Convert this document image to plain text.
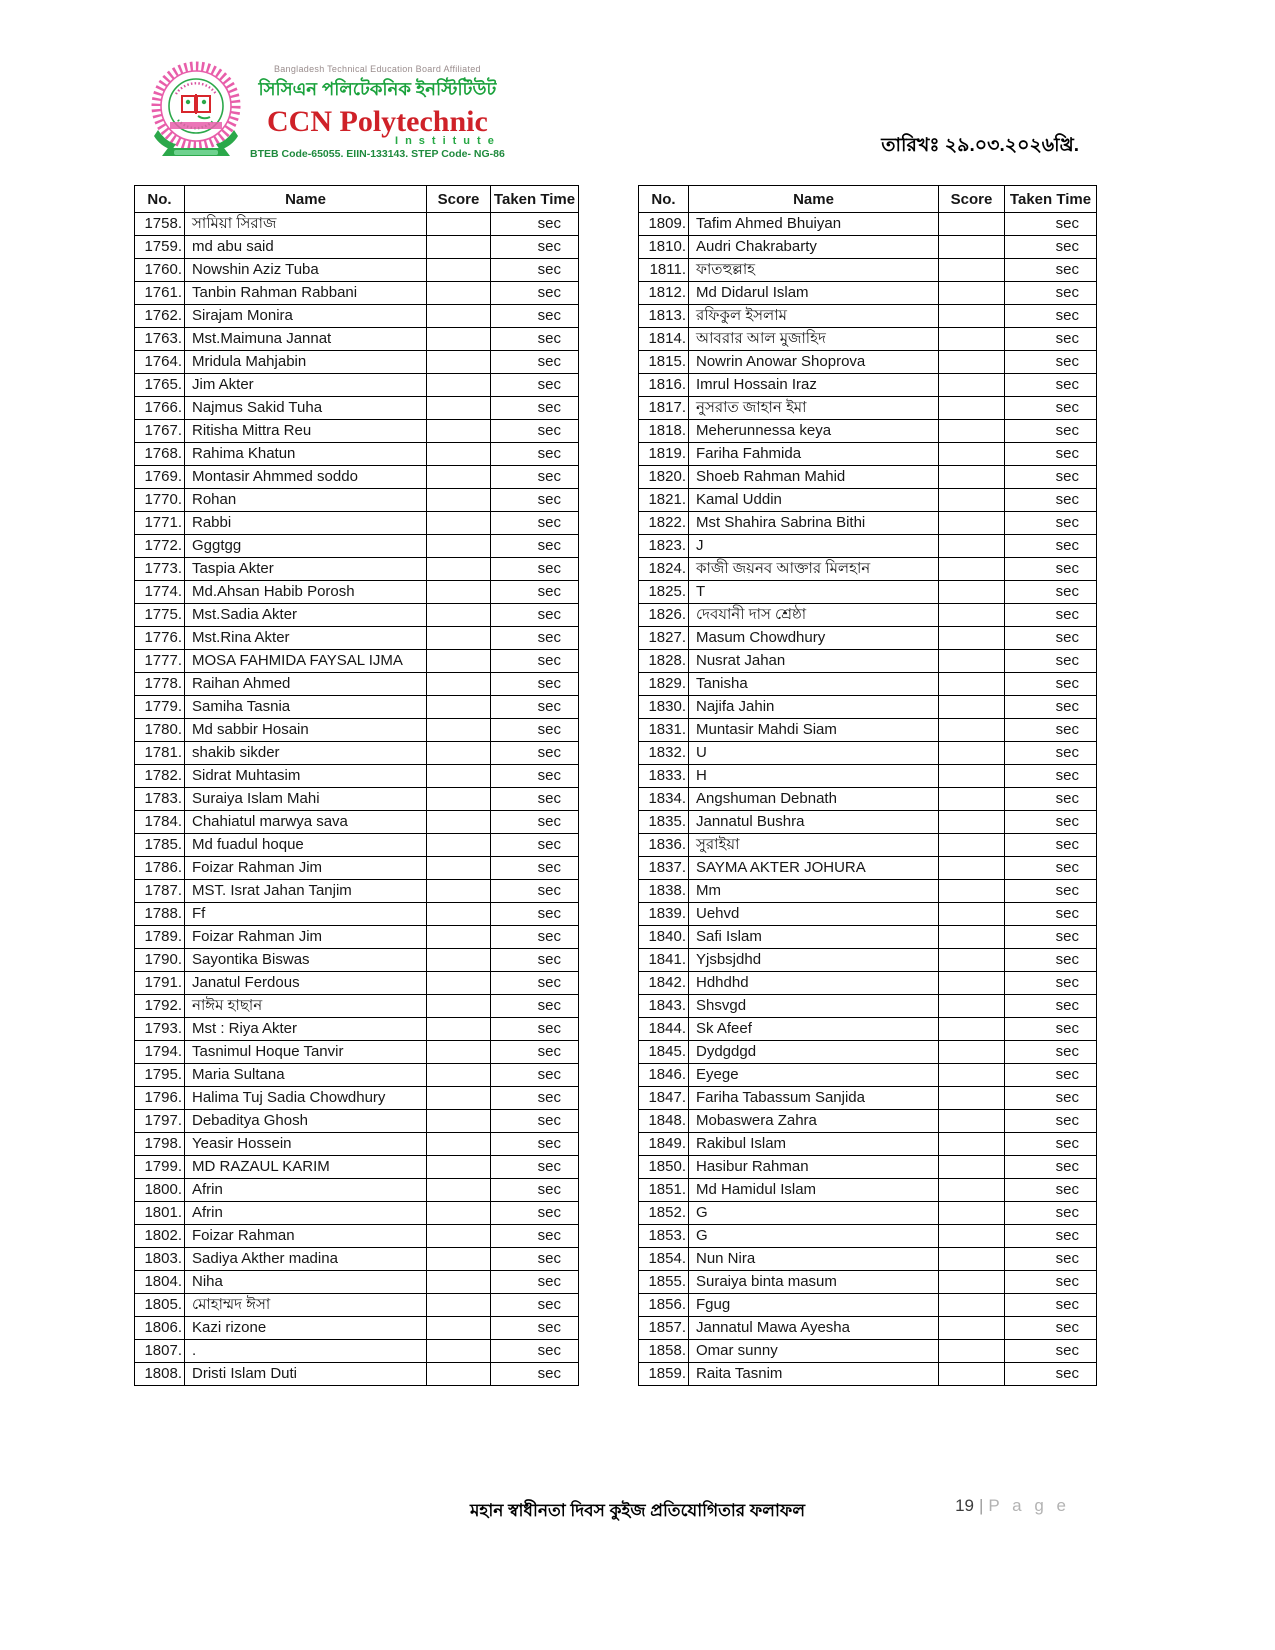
Bangladesh Technical Education Board Affiliated
সিসিএন পলিটেকনিক ইনস্টিটিউট
CCN Polytechnic
Institute
BTEB Code-65055. EIIN-133143. STEP Code- NG-86	তারিখঃ ২৯.০৩.২০২৬খ্রি.
No.	Name	Score	Taken Time
1758.	সামিয়া সিরাজ		sec
1759.	md abu said		sec
1760.	Nowshin Aziz Tuba		sec
1761.	Tanbin Rahman Rabbani		sec
1762.	Sirajam Monira		sec
1763.	Mst.Maimuna Jannat		sec
1764.	Mridula Mahjabin		sec
1765.	Jim Akter		sec
1766.	Najmus Sakid Tuha		sec
1767.	Ritisha Mittra Reu		sec
1768.	Rahima Khatun		sec
1769.	Montasir Ahmmed soddo		sec
1770.	Rohan		sec
1771.	Rabbi		sec
1772.	Gggtgg		sec
1773.	Taspia Akter		sec
1774.	Md.Ahsan Habib Porosh		sec
1775.	Mst.Sadia Akter		sec
1776.	Mst.Rina Akter		sec
1777.	MOSA FAHMIDA FAYSAL IJMA		sec
1778.	Raihan Ahmed		sec
1779.	Samiha Tasnia		sec
1780.	Md sabbir Hosain		sec
1781.	shakib sikder		sec
1782.	Sidrat Muhtasim		sec
1783.	Suraiya Islam Mahi		sec
1784.	Chahiatul marwya sava		sec
1785.	Md fuadul hoque		sec
1786.	Foizar Rahman Jim		sec
1787.	MST. Israt Jahan Tanjim		sec
1788.	Ff		sec
1789.	Foizar Rahman Jim		sec
1790.	Sayontika Biswas		sec
1791.	Janatul Ferdous		sec
1792.	নাঈম হাছান		sec
1793.	Mst : Riya Akter		sec
1794.	Tasnimul Hoque Tanvir		sec
1795.	Maria Sultana		sec
1796.	Halima Tuj Sadia Chowdhury		sec
1797.	Debaditya Ghosh		sec
1798.	Yeasir Hossein		sec
1799.	MD RAZAUL KARIM		sec
1800.	Afrin		sec
1801.	Afrin		sec
1802.	Foizar Rahman		sec
1803.	Sadiya Akther madina		sec
1804.	Niha		sec
1805.	মোহাম্মদ ঈসা		sec
1806.	Kazi rizone		sec
1807.	.		sec
1808.	Dristi Islam Duti		sec
No.	Name	Score	Taken Time
1809.	Tafim Ahmed Bhuiyan		sec
1810.	Audri Chakrabarty		sec
1811.	ফাতহুল্লাহ		sec
1812.	Md Didarul Islam		sec
1813.	রফিকুল ইসলাম		sec
1814.	আবরার আল মুজাহিদ		sec
1815.	Nowrin Anowar Shoprova		sec
1816.	Imrul Hossain Iraz		sec
1817.	নুসরাত জাহান ইমা		sec
1818.	Meherunnessa keya		sec
1819.	Fariha Fahmida		sec
1820.	Shoeb Rahman Mahid		sec
1821.	Kamal Uddin		sec
1822.	Mst Shahira Sabrina Bithi		sec
1823.	J		sec
1824.	কাজী জয়নব আক্তার মিলহান		sec
1825.	T		sec
1826.	দেবযানী দাস শ্রেষ্ঠা		sec
1827.	Masum Chowdhury		sec
1828.	Nusrat Jahan		sec
1829.	Tanisha		sec
1830.	Najifa Jahin		sec
1831.	Muntasir Mahdi Siam		sec
1832.	U		sec
1833.	H		sec
1834.	Angshuman Debnath		sec
1835.	Jannatul Bushra		sec
1836.	সুরাইয়া		sec
1837.	SAYMA AKTER JOHURA		sec
1838.	Mm		sec
1839.	Uehvd		sec
1840.	Safi Islam		sec
1841.	Yjsbsjdhd		sec
1842.	Hdhdhd		sec
1843.	Shsvgd		sec
1844.	Sk Afeef		sec
1845.	Dydgdgd		sec
1846.	Eyege		sec
1847.	Fariha Tabassum Sanjida		sec
1848.	Mobaswera Zahra		sec
1849.	Rakibul Islam		sec
1850.	Hasibur Rahman		sec
1851.	Md Hamidul Islam		sec
1852.	G		sec
1853.	G		sec
1854.	Nun Nira		sec
1855.	Suraiya binta masum		sec
1856.	Fgug		sec
1857.	Jannatul Mawa Ayesha		sec
1858.	Omar sunny		sec
1859.	Raita Tasnim		sec
মহান স্বাধীনতা দিবস কুইজ প্রতিযোগিতার ফলাফল	19 | P a g e
